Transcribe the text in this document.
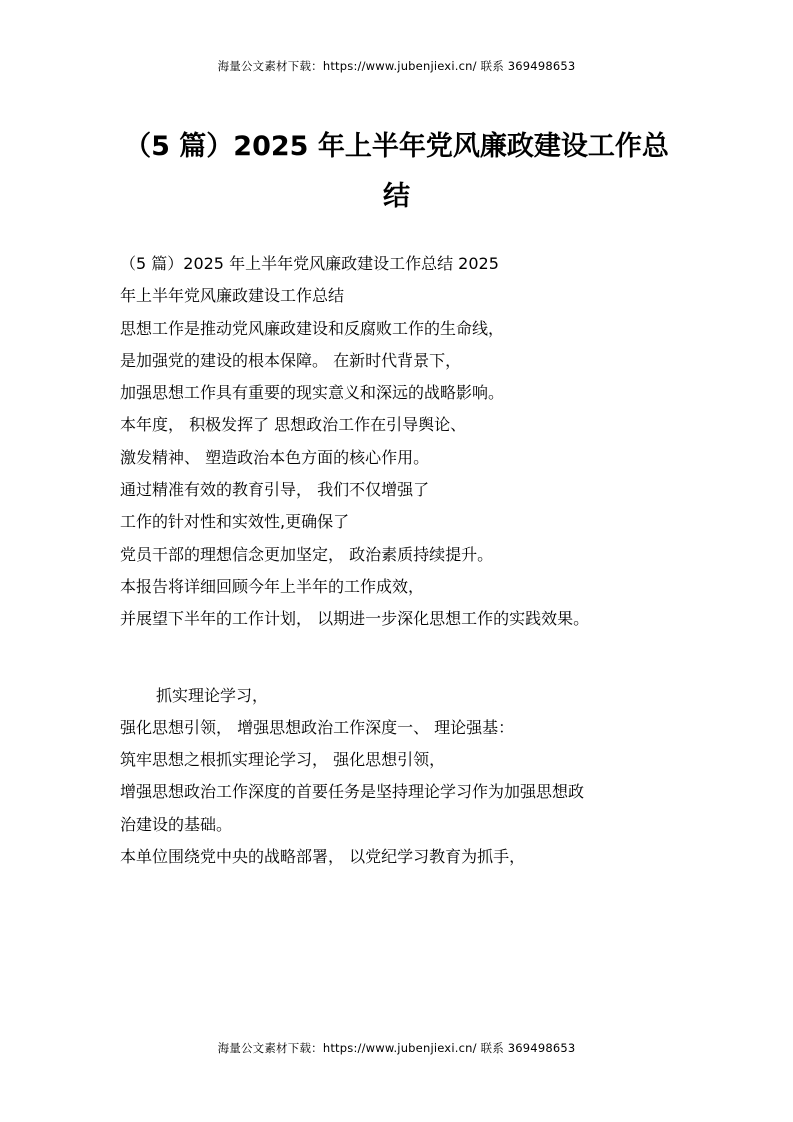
海量公文素材下载：https://www.jubenjiexi.cn/ 联系 369498653
（5 篇）2025 年上半年党风廉政建设工作总
结
（5 篇）2025 年上半年党风廉政建设工作总结 2025
年上半年党风廉政建设工作总结
思想工作是推动党风廉政建设和反腐败工作的生命线，
是加强党的建设的根本保障。 在新时代背景下，
加强思想工作具有重要的现实意义和深远的战略影响。
本年度， 积极发挥了 思想政治工作在引导舆论、
激发精神、 塑造政治本色方面的核心作用。
通过精准有效的教育引导， 我们不仅增强了
工作的针对性和实效性,更确保了
党员干部的理想信念更加坚定， 政治素质持续提升。
本报告将详细回顾今年上半年的工作成效，
并展望下半年的工作计划， 以期进一步深化思想工作的实践效果。
抓实理论学习，
强化思想引领， 增强思想政治工作深度一、 理论强基：
筑牢思想之根抓实理论学习， 强化思想引领，
增强思想政治工作深度的首要任务是坚持理论学习作为加强思想政
治建设的基础。
本单位围绕党中央的战略部署， 以党纪学习教育为抓手，
海量公文素材下载：https://www.jubenjiexi.cn/ 联系 369498653
